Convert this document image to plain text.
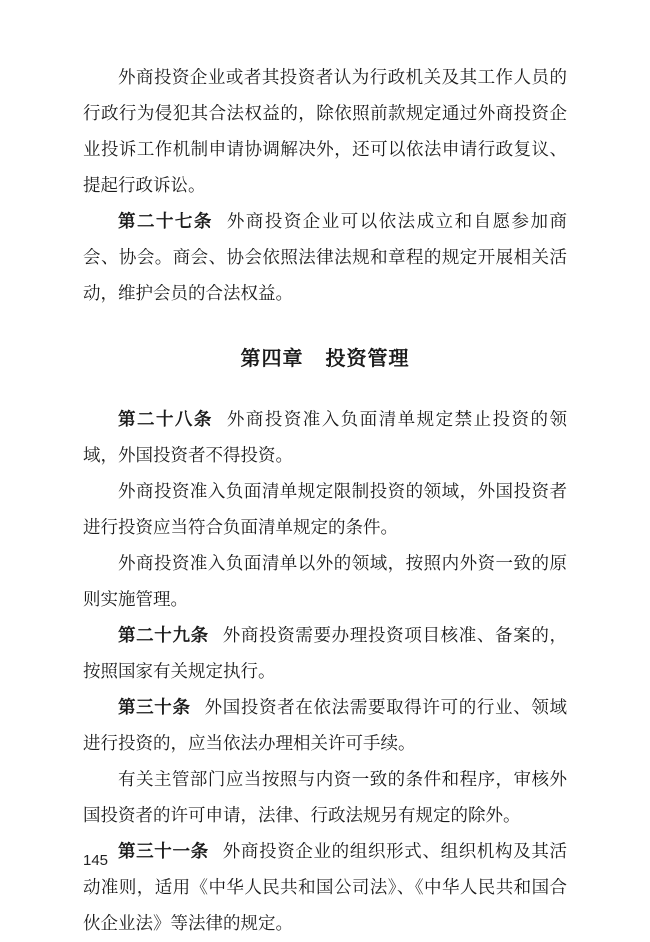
外商投资企业或者其投资者认为行政机关及其工作人员的行政行为侵犯其合法权益的，除依照前款规定通过外商投资企业投诉工作机制申请协调解决外，还可以依法申请行政复议、提起行政诉讼。

第二十七条 外商投资企业可以依法成立和自愿参加商会、协会。商会、协会依照法律法规和章程的规定开展相关活动，维护会员的合法权益。

第四章 投资管理

第二十八条 外商投资准入负面清单规定禁止投资的领域，外国投资者不得投资。

外商投资准入负面清单规定限制投资的领域，外国投资者进行投资应当符合负面清单规定的条件。

外商投资准入负面清单以外的领域，按照内外资一致的原则实施管理。

第二十九条 外商投资需要办理投资项目核准、备案的，按照国家有关规定执行。

第三十条 外国投资者在依法需要取得许可的行业、领域进行投资的，应当依法办理相关许可手续。

有关主管部门应当按照与内资一致的条件和程序，审核外国投资者的许可申请，法律、行政法规另有规定的除外。

第三十一条 外商投资企业的组织形式、组织机构及其活动准则，适用《中华人民共和国公司法》、《中华人民共和国合伙企业法》等法律的规定。

145
